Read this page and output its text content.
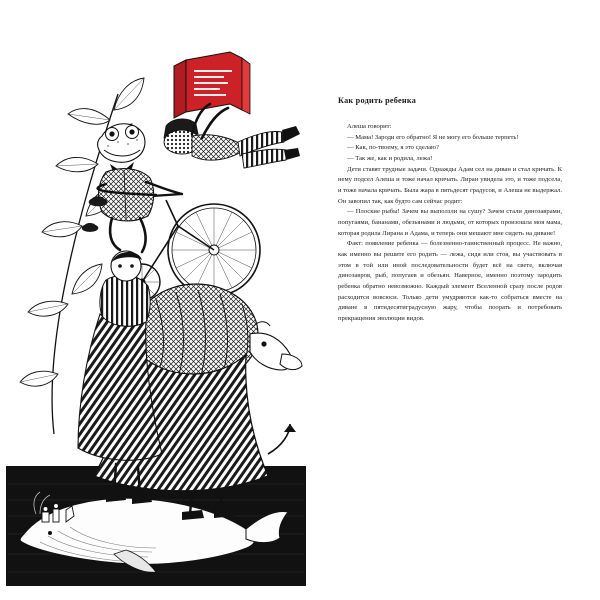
Как родить ребенка

Алеша говорит:

— Мама! Зароди его обратно! Я не могу его больше терпеть!

— Как, по-твоему, я это сделаю?

— Так же, как и родила, лежа!

Дети ставят трудные задачи. Однажды Адам сел на диван и стал кричать. К нему подсел Алеша и тоже начал кричать. Лиран увидела это, и тоже подсела, и тоже начала кричать. Была жара в пятьдесят градусов, и Алеша не выдержал. Он завопил так, как будто сам сейчас родит:

— Плоские рыбы! Зачем вы выползли на сушу? Зачем стали динозаврами, попугаями, бананами, обезьянами и людьми, от которых произошла моя мама, которая родила Лирана и Адама, и теперь они мешают мне сидеть на диване!

Факт: появление ребенка — болезненно-таинственный процесс. Не важно, как именно вы решите его родить — лежа, сидя или стоя, вы участвовать в этом в той или иной последовательности будет всё на свете, включая динозавров, рыб, попугаев и обезьян. Наверное, именно поэтому зародить ребенка обратно невозможно. Каждый элемент Вселенной сразу после родов расходится вовсюси. Только дети умудряются как-то собраться вместе на диване в пятидесятиградусную жару, чтобы поорать и потребовать прекращения эволюции видов.
